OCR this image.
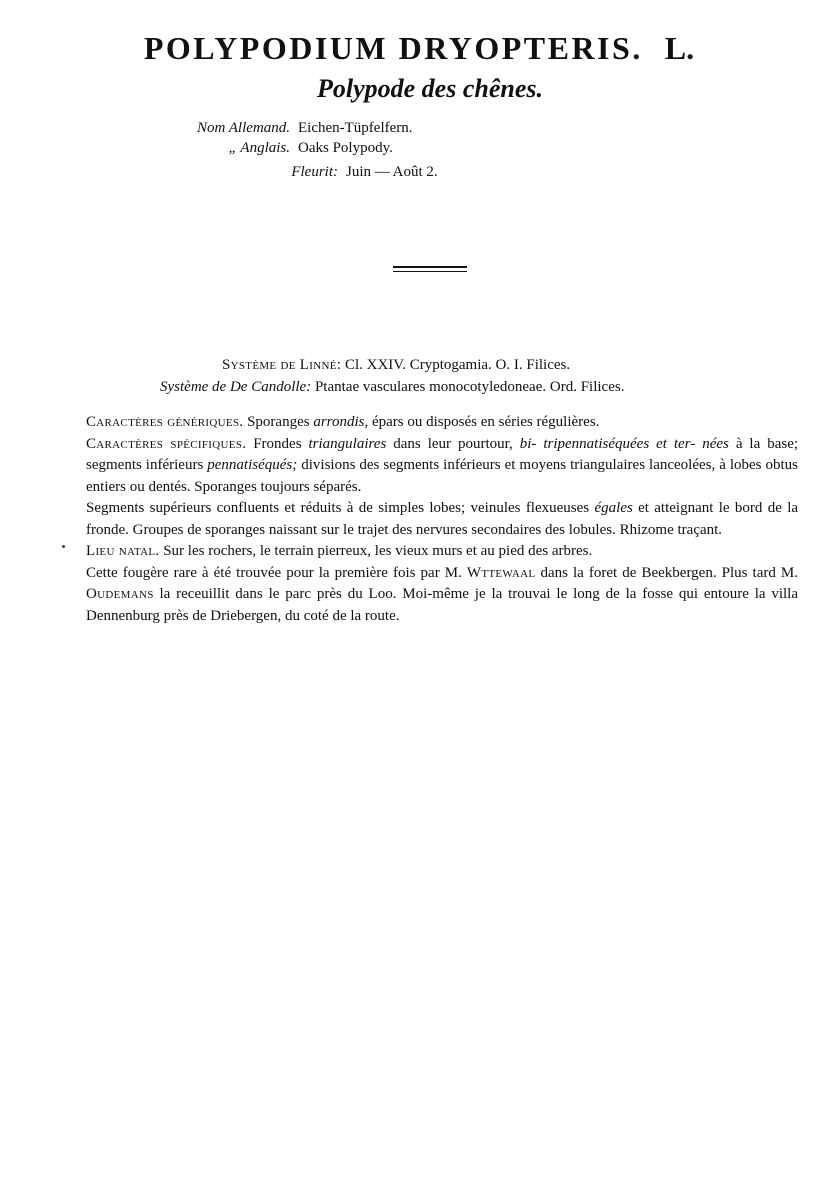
POLYPODIUM DRYOPTERIS. L.
Polypode des chênes.
Nom Allemand. Eichen-Tüpfelfern.
„ Anglais. Oaks Polypody.
Fleurit: Juin — Août 2.
Système de Linné: Cl. XXIV. Cryptogamia. O. I. Filices.
Système de De Candolle: Ptantae vasculares monocotyledoneae. Ord. Filices.

Caractères génériques. Sporanges arrondis, épars ou disposés en séries régulières.

Caractères spécifiques. Frondes triangulaires dans leur pourtour, bi- tripennatiséquées et ter- nées à la base; segments inférieurs pennatiséqués; divisions des segments inférieurs et moyens triangulaires lanceolées, à lobes obtus entiers ou dentés. Sporanges toujours séparés.

Segments supérieurs confluents et réduits à de simples lobes; veinules flexueuses égales et atteignant le bord de la fronde. Groupes de sporanges naissant sur le trajet des nervures secondaires des lobules. Rhizome traçant.

Lieu natal. Sur les rochers, le terrain pierreux, les vieux murs et au pied des arbres.

Cette fougère rare à été trouvée pour la première fois par M. Wttewaal dans la foret de Beekbergen. Plus tard M. Oudemans la receuillit dans le parc près du Loo. Moi-même je la trouvai le long de la fosse qui entoure la villa Dennenburg près de Driebergen, du coté de la route.
